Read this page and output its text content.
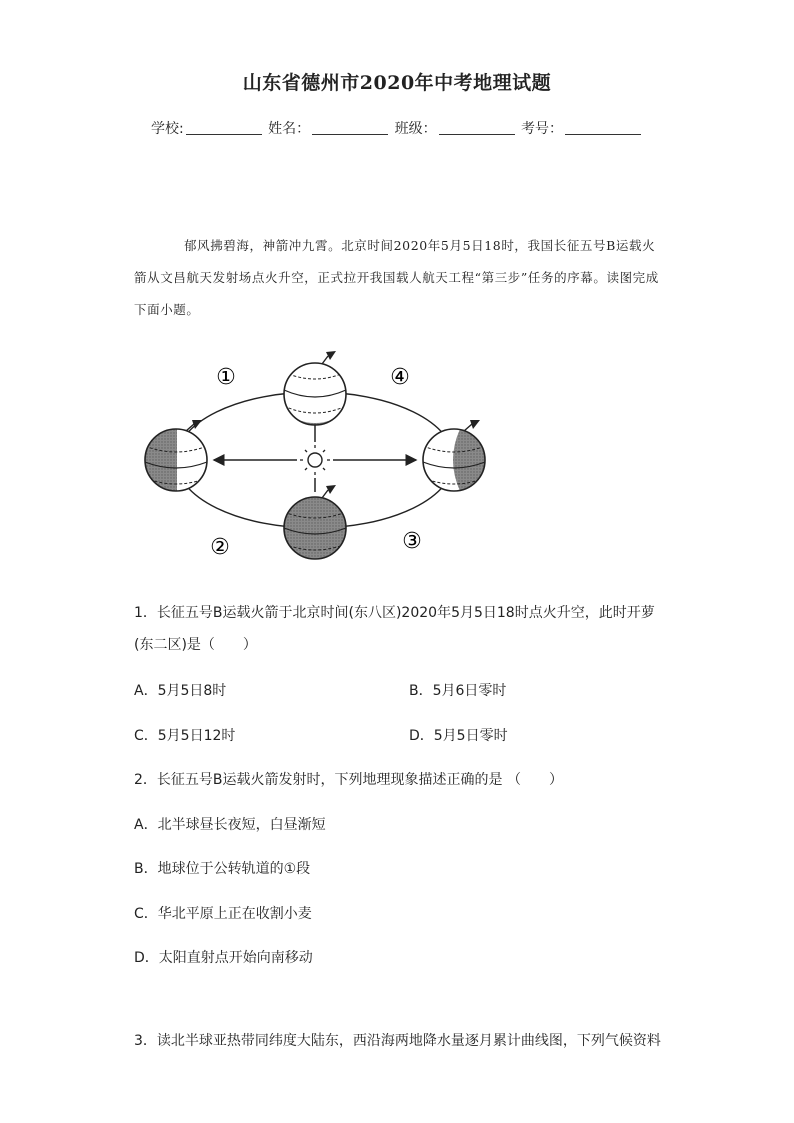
山东省德州市2020年中考地理试题
学校:	姓名：	班级：	考号：
郁风拂碧海，神箭冲九霄。北京时间2020年5月5日18时，我国长征五号B运载火箭从文昌航天发射场点火升空，正式拉开我国载人航天工程“第三步”任务的序幕。读图完成下面小题。
①	④
②	③
1．长征五号B运载火箭于北京时间(东八区)2020年5月5日18时点火升空，此时开萝(东二区)是（　　）
A．5月5日8时	B．5月6日零时
C．5月5日12时	D．5月5日零时
2．长征五号B运载火箭发射时，下列地理现象描述正确的是 （　　）
A．北半球昼长夜短，白昼渐短
B．地球位于公转轨道的①段
C．华北平原上正在收割小麦
D．太阳直射点开始向南移动
3．读北半球亚热带同纬度大陆东，西沿海两地降水量逐月累计曲线图，下列气候资料
